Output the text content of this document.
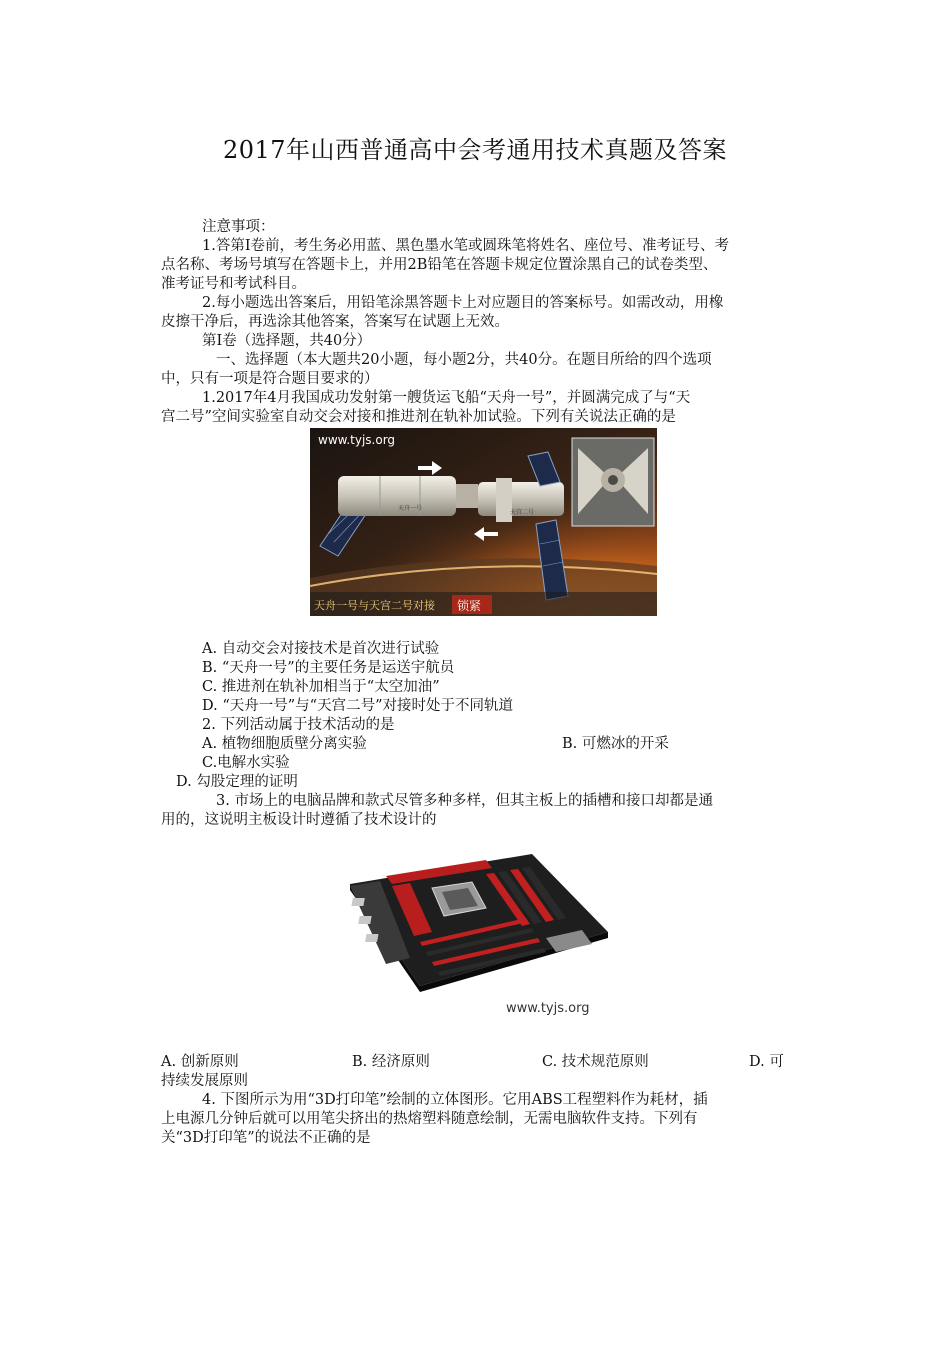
2017年山西普通高中会考通用技术真题及答案
注意事项：
1.答第Ⅰ卷前，考生务必用蓝、黑色墨水笔或圆珠笔将姓名、座位号、准考证号、考
点名称、考场号填写在答题卡上，并用2B铅笔在答题卡规定位置涂黑自己的试卷类型、
准考证号和考试科目。
2.每小题选出答案后，用铅笔涂黑答题卡上对应题目的答案标号。如需改动，用橡
皮擦干净后，再选涂其他答案，答案写在试题上无效。
第Ⅰ卷（选择题，共40分）
一、选择题（本大题共20小题，每小题2分，共40分。在题目所给的四个选项
中，只有一项是符合题目要求的）
1.2017年4月我国成功发射第一艘货运飞船“天舟一号”，并圆满完成了与“天
宫二号”空间实验室自动交会对接和推进剂在轨补加试验。下列有关说法正确的是
天舟一号
天宫二号
www.tyjs.org
天舟一号与天宫二号对接 锁紧
A. 自动交会对接技术是首次进行试验
B. “天舟一号”的主要任务是运送宇航员
C. 推进剂在轨补加相当于“太空加油”
D. “天舟一号”与“天宫二号”对接时处于不同轨道
2. 下列活动属于技术活动的是
A. 植物细胞质壁分离实验	B. 可燃冰的开采
C.电解水实验
D. 勾股定理的证明
3. 市场上的电脑品牌和款式尽管多种多样，但其主板上的插槽和接口却都是通
用的，这说明主板设计时遵循了技术设计的
www.tyjs.org
A. 创新原则	B. 经济原则	C. 技术规范原则	D. 可
持续发展原则
4. 下图所示为用“3D打印笔”绘制的立体图形。它用ABS工程塑料作为耗材，插
上电源几分钟后就可以用笔尖挤出的热熔塑料随意绘制，无需电脑软件支持。下列有
关“3D打印笔”的说法不正确的是
